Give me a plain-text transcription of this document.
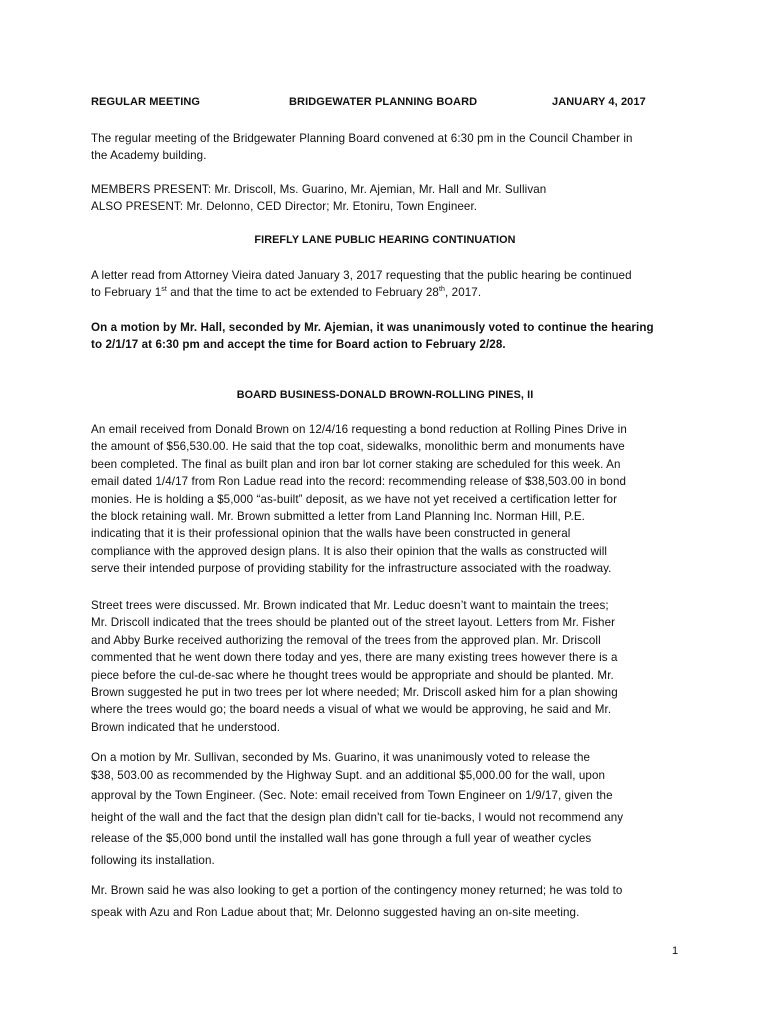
REGULAR MEETING	BRIDGEWATER PLANNING BOARD	JANUARY 4, 2017
The regular meeting of the Bridgewater Planning Board convened at 6:30 pm in the Council Chamber in
the Academy building.
MEMBERS PRESENT: Mr. Driscoll, Ms. Guarino, Mr. Ajemian, Mr. Hall and Mr. Sullivan
ALSO PRESENT: Mr. Delonno, CED Director; Mr. Etoniru, Town Engineer.
FIREFLY LANE PUBLIC HEARING CONTINUATION
A letter read from Attorney Vieira dated January 3, 2017 requesting that the public hearing be continued
to February 1st and that the time to act be extended to February 28th, 2017.
On a motion by Mr. Hall, seconded by Mr. Ajemian, it was unanimously voted to continue the hearing
to 2/1/17 at 6:30 pm and accept the time for Board action to February 2/28.
BOARD BUSINESS-DONALD BROWN-ROLLING PINES, II
An email received from Donald Brown on 12/4/16 requesting a bond reduction at Rolling Pines Drive in
the amount of $56,530.00. He said that the top coat, sidewalks, monolithic berm and monuments have
been completed. The final as built plan and iron bar lot corner staking are scheduled for this week. An
email dated 1/4/17 from Ron Ladue read into the record: recommending release of $38,503.00 in bond
monies. He is holding a $5,000 “as-built” deposit, as we have not yet received a certification letter for
the block retaining wall. Mr. Brown submitted a letter from Land Planning Inc. Norman Hill, P.E.
indicating that it is their professional opinion that the walls have been constructed in general
compliance with the approved design plans. It is also their opinion that the walls as constructed will
serve their intended purpose of providing stability for the infrastructure associated with the roadway.
Street trees were discussed. Mr. Brown indicated that Mr. Leduc doesn’t want to maintain the trees;
Mr. Driscoll indicated that the trees should be planted out of the street layout. Letters from Mr. Fisher
and Abby Burke received authorizing the removal of the trees from the approved plan. Mr. Driscoll
commented that he went down there today and yes, there are many existing trees however there is a
piece before the cul-de-sac where he thought trees would be appropriate and should be planted. Mr.
Brown suggested he put in two trees per lot where needed; Mr. Driscoll asked him for a plan showing
where the trees would go; the board needs a visual of what we would be approving, he said and Mr.
Brown indicated that he understood.
On a motion by Mr. Sullivan, seconded by Ms. Guarino, it was unanimously voted to release the
$38, 503.00 as recommended by the Highway Supt. and an additional $5,000.00 for the wall, upon
approval by the Town Engineer. (Sec. Note: email received from Town Engineer on 1/9/17, given the
height of the wall and the fact that the design plan didn't call for tie-backs, I would not recommend any
release of the $5,000 bond until the installed wall has gone through a full year of weather cycles
following its installation.
Mr. Brown said he was also looking to get a portion of the contingency money returned; he was told to
speak with Azu and Ron Ladue about that; Mr. Delonno suggested having an on-site meeting.
1
